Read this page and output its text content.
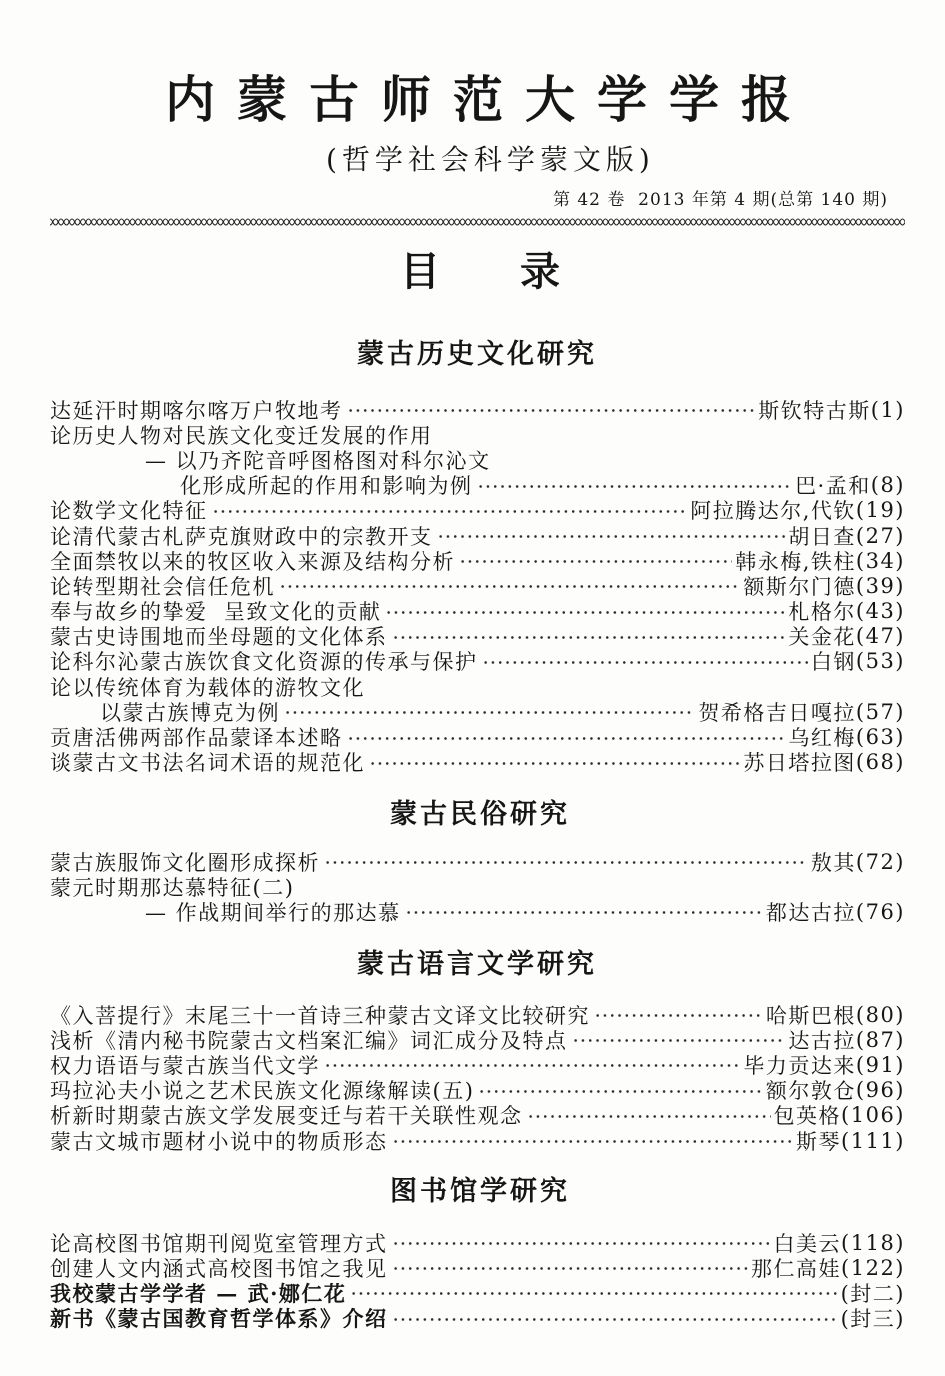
内蒙古师范大学学报
(哲学社会科学蒙文版)
第 42 卷  2013 年第 4 期(总第 140 期)
目录
蒙古历史文化研究
达延汗时期喀尔喀万户牧地考	斯钦特古斯 (1)
论历史人物对民族文化变迁发展的作用
— 以乃齐陀音呼图格图对科尔沁文
化形成所起的作用和影响为例	巴·孟和 (8)
论数学文化特征	阿拉腾达尔,代钦 (19)
论清代蒙古札萨克旗财政中的宗教开支	胡日查 (27)
全面禁牧以来的牧区收入来源及结构分析	韩永梅,铁柱 (34)
论转型期社会信任危机	额斯尔门德 (39)
奉与故乡的挚爱  呈致文化的贡献	札格尔 (43)
蒙古史诗围地而坐母题的文化体系	关金花 (47)
论科尔沁蒙古族饮食文化资源的传承与保护	白钢 (53)
论以传统体育为载体的游牧文化
以蒙古族博克为例	贺希格吉日嘎拉 (57)
贡唐活佛两部作品蒙译本述略	乌红梅 (63)
谈蒙古文书法名词术语的规范化	苏日塔拉图 (68)
蒙古民俗研究
蒙古族服饰文化圈形成探析	敖其 (72)
蒙元时期那达慕特征(二)
— 作战期间举行的那达慕	都达古拉 (76)
蒙古语言文学研究
《入菩提行》末尾三十一首诗三种蒙古文译文比较研究	哈斯巴根 (80)
浅析《清内秘书院蒙古文档案汇编》词汇成分及特点	达古拉 (87)
权力语语与蒙古族当代文学	毕力贡达来 (91)
玛拉沁夫小说之艺术民族文化源缘解读(五)	额尔敦仓 (96)
析新时期蒙古族文学发展变迁与若干关联性观念	包英格 (106)
蒙古文城市题材小说中的物质形态	斯琴 (111)
图书馆学研究
论高校图书馆期刊阅览室管理方式	白美云 (118)
创建人文内涵式高校图书馆之我见	那仁高娃 (122)
我校蒙古学学者 — 武·娜仁花	(封二)
新书《蒙古国教育哲学体系》介绍	(封三)
